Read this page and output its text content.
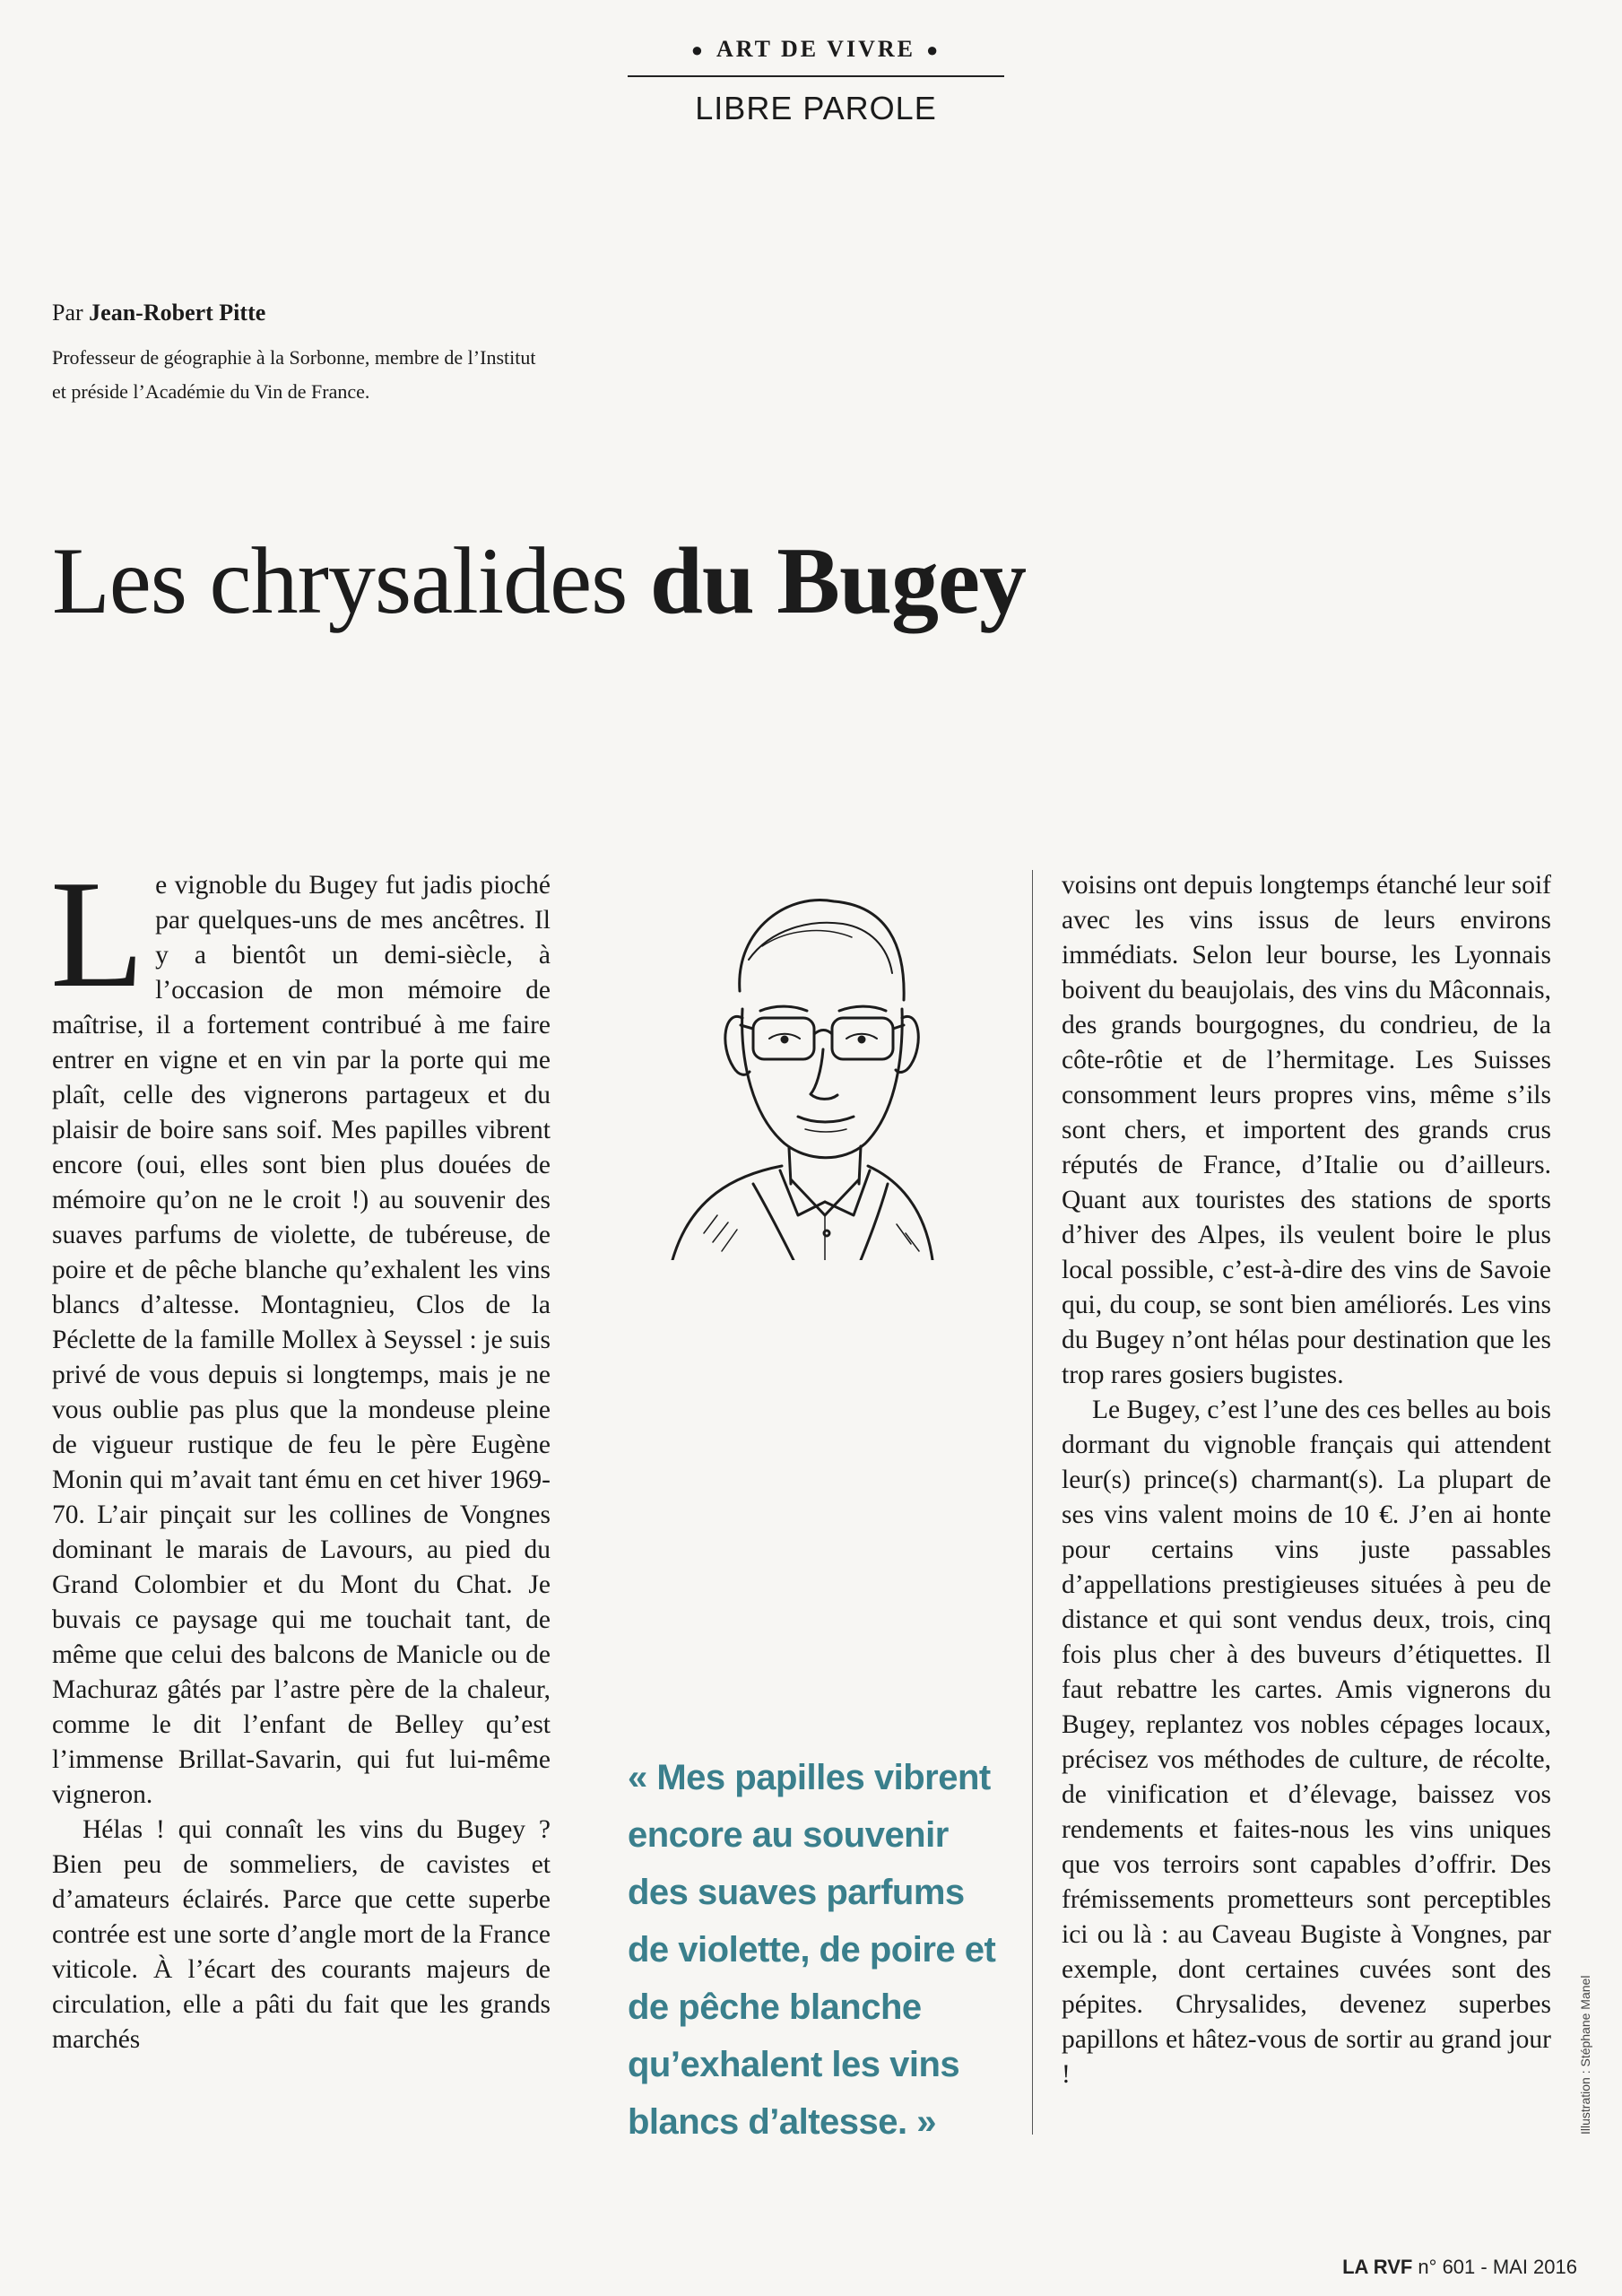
● ART DE VIVRE ●
LIBRE PAROLE
Par Jean-Robert Pitte
Professeur de géographie à la Sorbonne, membre de l’Institut
et préside l’Académie du Vin de France.
Les chrysalides du Bugey

Le vignoble du Bugey fut jadis pioché par quelques-uns de mes ancêtres. Il y a bientôt un demi-siècle, à l’occasion de mon mémoire de maîtrise, il a fortement contribué à me faire entrer en vigne et en vin par la porte qui me plaît, celle des vignerons partageux et du plaisir de boire sans soif. Mes papilles vibrent encore (oui, elles sont bien plus douées de mémoire qu’on ne le croit !) au souvenir des suaves parfums de violette, de tubéreuse, de poire et de pêche blanche qu’exhalent les vins blancs d’altesse. Montagnieu, Clos de la Péclette de la famille Mollex à Seyssel : je suis privé de vous depuis si longtemps, mais je ne vous oublie pas plus que la mondeuse pleine de vigueur rustique de feu le père Eugène Monin qui m’avait tant ému en cet hiver 1969-70. L’air pinçait sur les collines de Vongnes dominant le marais de Lavours, au pied du Grand Colombier et du Mont du Chat. Je buvais ce paysage qui me touchait tant, de même que celui des balcons de Manicle ou de Machuraz gâtés par l’astre père de la chaleur, comme le dit l’enfant de Belley qu’est l’immense Brillat-Savarin, qui fut lui-même vigneron.

Hélas ! qui connaît les vins du Bugey ? Bien peu de sommeliers, de cavistes et d’amateurs éclairés. Parce que cette superbe contrée est une sorte d’angle mort de la France viticole. À l’écart des courants majeurs de circulation, elle a pâti du fait que les grands marchés

« Mes papilles vibrent encore au souvenir des suaves parfums de violette, de poire et de pêche blanche qu’exhalent les vins blancs d’altesse. »

voisins ont depuis longtemps étanché leur soif avec les vins issus de leurs environs immédiats. Selon leur bourse, les Lyonnais boivent du beaujolais, des vins du Mâconnais, des grands bourgognes, du condrieu, de la côte-rôtie et de l’hermitage. Les Suisses consomment leurs propres vins, même s’ils sont chers, et importent des grands crus réputés de France, d’Italie ou d’ailleurs. Quant aux touristes des stations de sports d’hiver des Alpes, ils veulent boire le plus local possible, c’est-à-dire des vins de Savoie qui, du coup, se sont bien améliorés. Les vins du Bugey n’ont hélas pour destination que les trop rares gosiers bugistes.

Le Bugey, c’est l’une des ces belles au bois dormant du vignoble français qui attendent leur(s) prince(s) charmant(s). La plupart de ses vins valent moins de 10 €. J’en ai honte pour certains vins juste passables d’appellations prestigieuses situées à peu de distance et qui sont vendus deux, trois, cinq fois plus cher à des buveurs d’étiquettes. Il faut rebattre les cartes. Amis vignerons du Bugey, replantez vos nobles cépages locaux, précisez vos méthodes de culture, de récolte, de vinification et d’élevage, baissez vos rendements et faites-nous les vins uniques que vos terroirs sont capables d’offrir. Des frémissements prometteurs sont perceptibles ici ou là : au Caveau Bugiste à Vongnes, par exemple, dont certaines cuvées sont des pépites. Chrysalides, devenez superbes papillons et hâtez-vous de sortir au grand jour !	Illustration : Stéphane Manel
LA RVF n° 601 - MAI 2016
